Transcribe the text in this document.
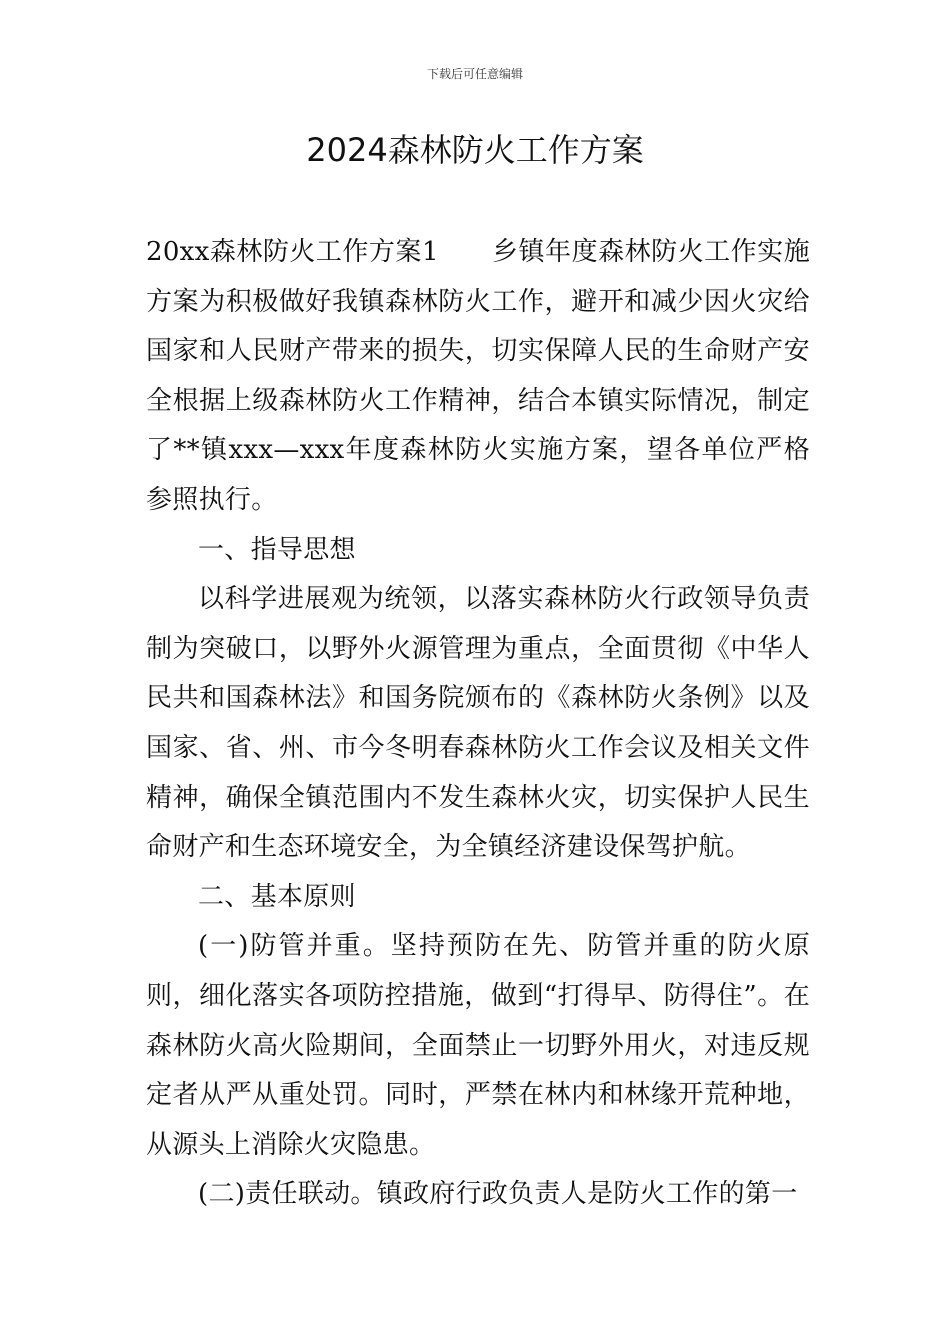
下载后可任意编辑
2024森林防火工作方案

20xx森林防火工作方案1　　乡镇年度森林防火工作实施方案为积极做好我镇森林防火工作，避开和减少因火灾给国家和人民财产带来的损失，切实保障人民的生命财产安全根据上级森林防火工作精神，结合本镇实际情况，制定了**镇xxx—xxx年度森林防火实施方案，望各单位严格参照执行。

一、指导思想

以科学进展观为统领，以落实森林防火行政领导负责制为突破口，以野外火源管理为重点，全面贯彻《中华人民共和国森林法》和国务院颁布的《森林防火条例》以及国家、省、州、市今冬明春森林防火工作会议及相关文件精神，确保全镇范围内不发生森林火灾，切实保护人民生命财产和生态环境安全，为全镇经济建设保驾护航。

二、基本原则

(一)防管并重。坚持预防在先、防管并重的防火原则，细化落实各项防控措施，做到“打得早、防得住”。在森林防火高火险期间，全面禁止一切野外用火，对违反规定者从严从重处罚。同时，严禁在林内和林缘开荒种地，从源头上消除火灾隐患。

(二)责任联动。镇政府行政负责人是防火工作的第一
